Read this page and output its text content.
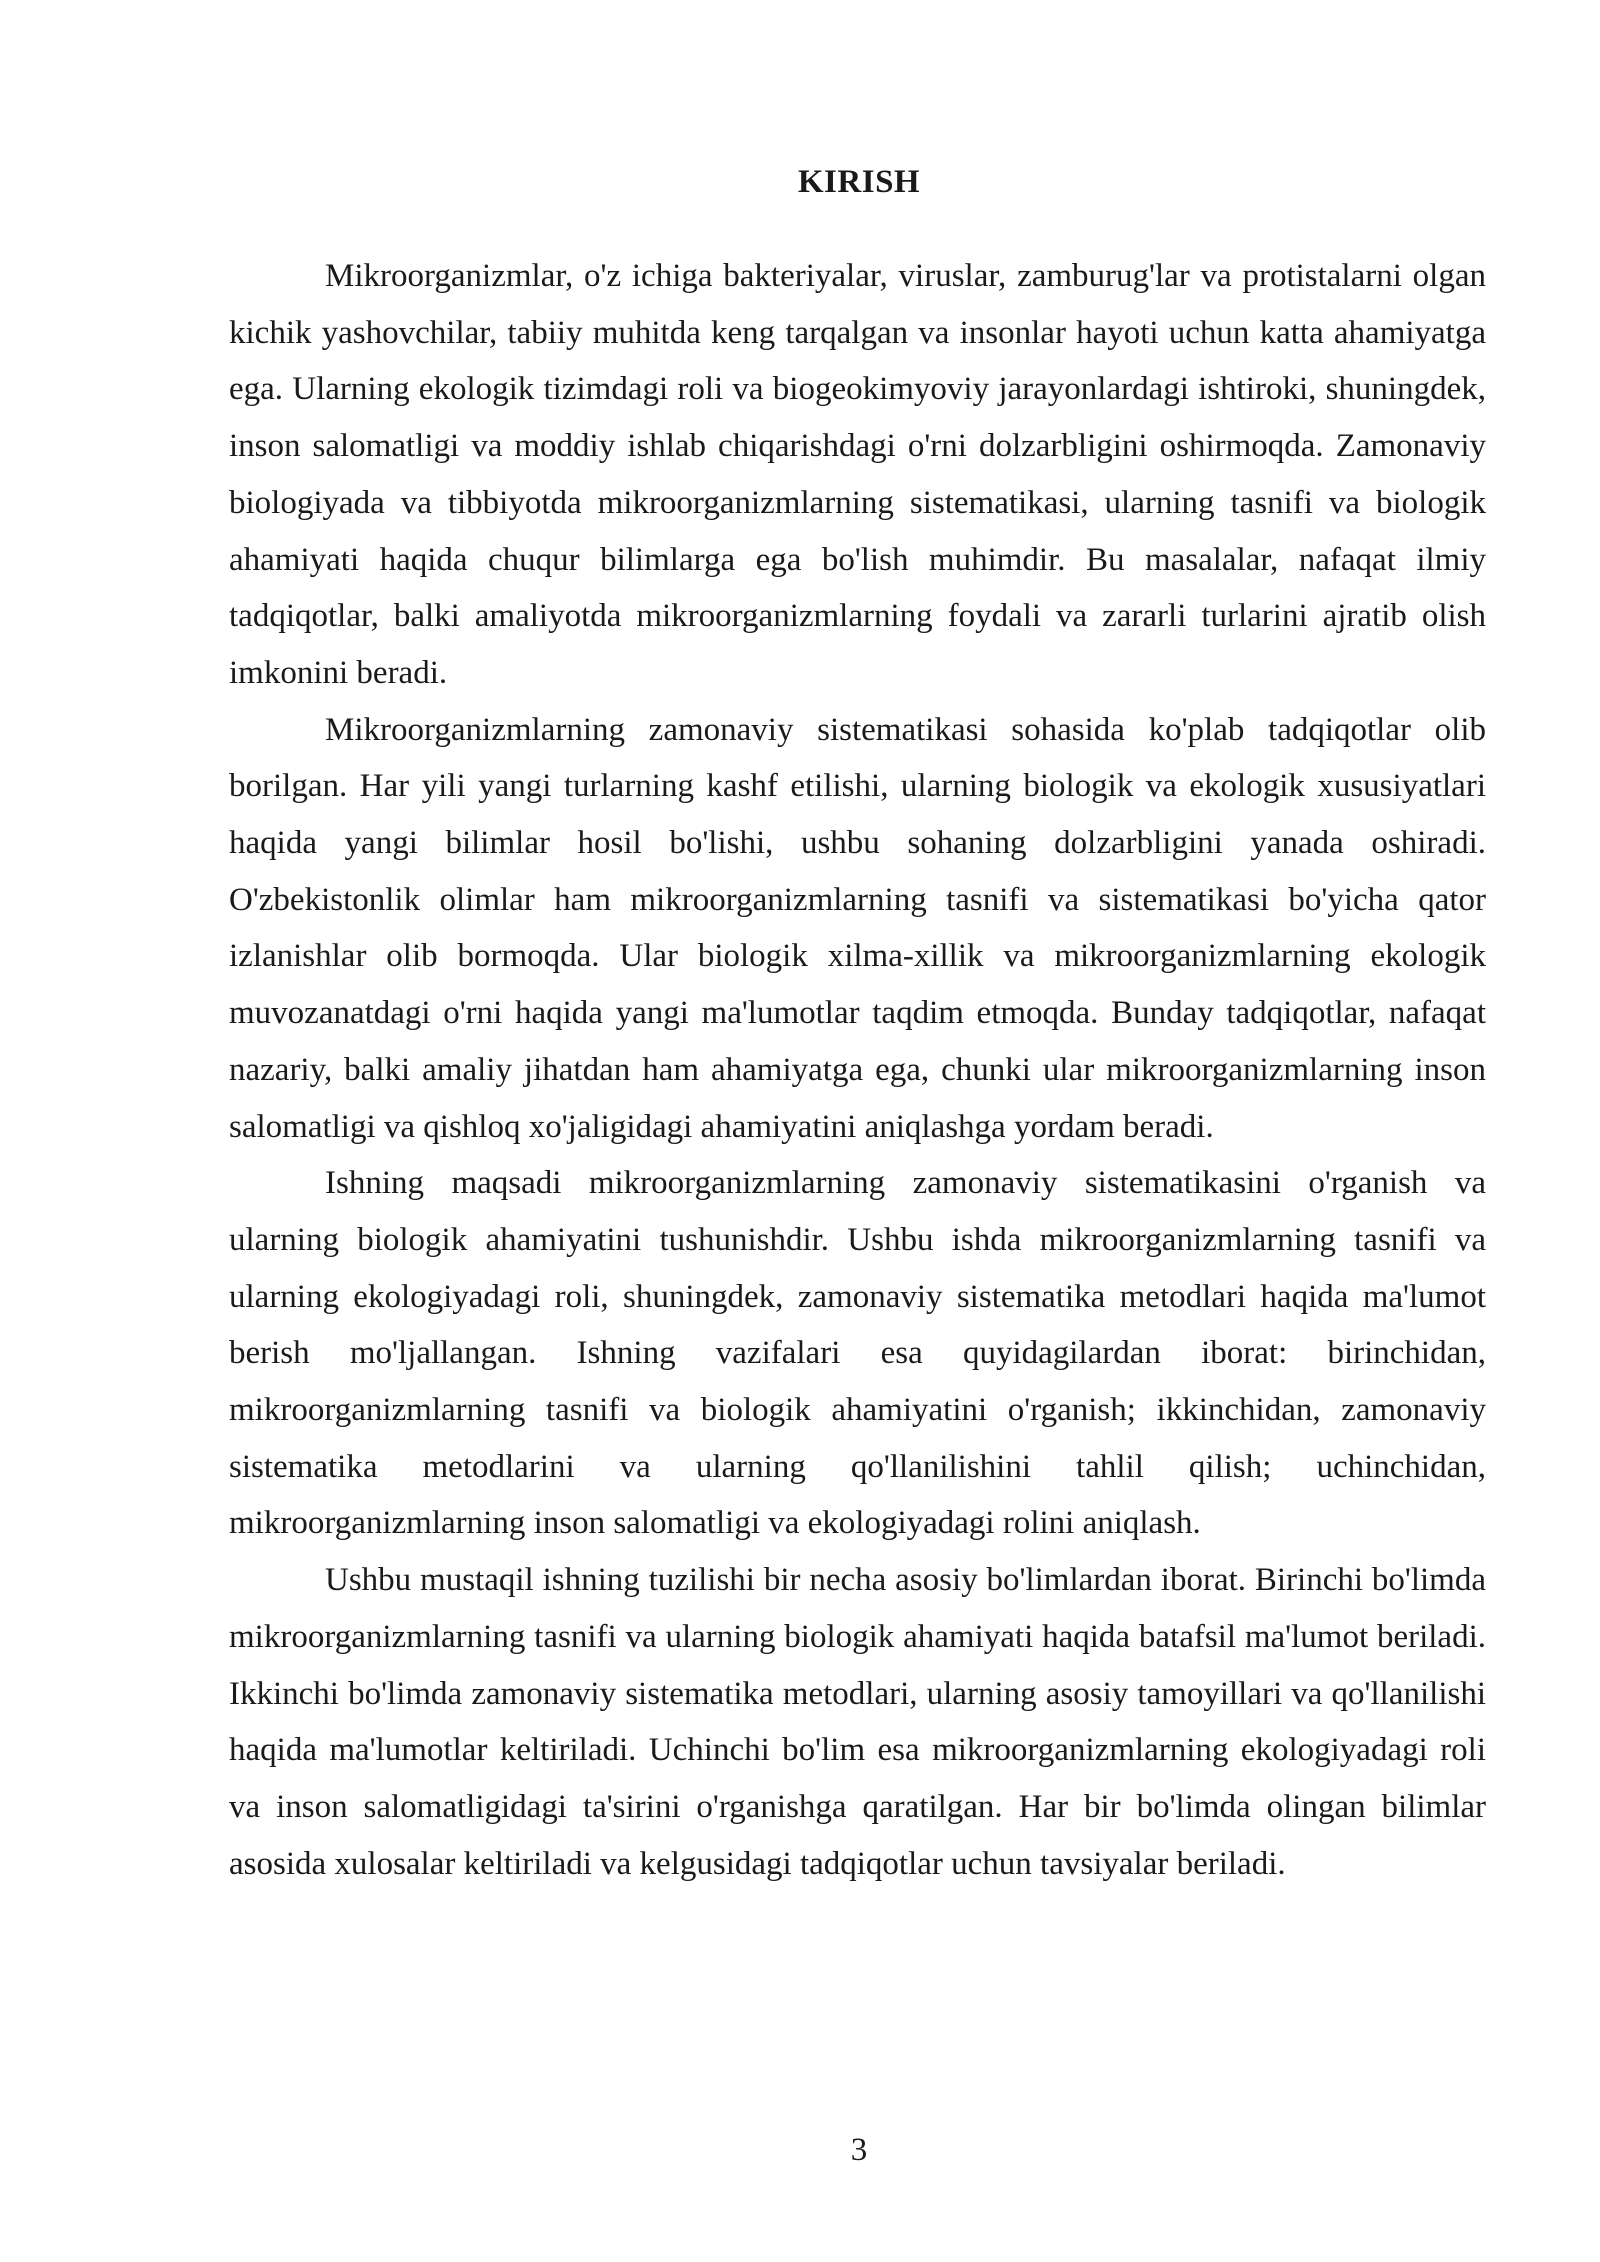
KIRISH

Mikroorganizmlar, o'z ichiga bakteriyalar, viruslar, zamburug'lar va protistalarni olgan kichik yashovchilar, tabiiy muhitda keng tarqalgan va insonlar hayoti uchun katta ahamiyatga ega. Ularning ekologik tizimdagi roli va biogeokimyoviy jarayonlardagi ishtiroki, shuningdek, inson salomatligi va moddiy ishlab chiqarishdagi o'rni dolzarbligini oshirmoqda. Zamonaviy biologiyada va tibbiyotda mikroorganizmlarning sistematikasi, ularning tasnifi va biologik ahamiyati haqida chuqur bilimlarga ega bo'lish muhimdir. Bu masalalar, nafaqat ilmiy tadqiqotlar, balki amaliyotda mikroorganizmlarning foydali va zararli turlarini ajratib olish imkonini beradi.

Mikroorganizmlarning zamonaviy sistematikasi sohasida ko'plab tadqiqotlar olib borilgan. Har yili yangi turlarning kashf etilishi, ularning biologik va ekologik xususiyatlari haqida yangi bilimlar hosil bo'lishi, ushbu sohaning dolzarbligini yanada oshiradi. O'zbekistonlik olimlar ham mikroorganizmlarning tasnifi va sistematikasi bo'yicha qator izlanishlar olib bormoqda. Ular biologik xilma-xillik va mikroorganizmlarning ekologik muvozanatdagi o'rni haqida yangi ma'lumotlar taqdim etmoqda. Bunday tadqiqotlar, nafaqat nazariy, balki amaliy jihatdan ham ahamiyatga ega, chunki ular mikroorganizmlarning inson salomatligi va qishloq xo'jaligidagi ahamiyatini aniqlashga yordam beradi.

Ishning maqsadi mikroorganizmlarning zamonaviy sistematikasini o'rganish va ularning biologik ahamiyatini tushunishdir. Ushbu ishda mikroorganizmlarning tasnifi va ularning ekologiyadagi roli, shuningdek, zamonaviy sistematika metodlari haqida ma'lumot berish mo'ljallangan. Ishning vazifalari esa quyidagilardan iborat: birinchidan, mikroorganizmlarning tasnifi va biologik ahamiyatini o'rganish; ikkinchidan, zamonaviy sistematika metodlarini va ularning qo'llanilishini tahlil qilish; uchinchidan, mikroorganizmlarning inson salomatligi va ekologiyadagi rolini aniqlash.

Ushbu mustaqil ishning tuzilishi bir necha asosiy bo'limlardan iborat. Birinchi bo'limda mikroorganizmlarning tasnifi va ularning biologik ahamiyati haqida batafsil ma'lumot beriladi. Ikkinchi bo'limda zamonaviy sistematika metodlari, ularning asosiy tamoyillari va qo'llanilishi haqida ma'lumotlar keltiriladi. Uchinchi bo'lim esa mikroorganizmlarning ekologiyadagi roli va inson salomatligidagi ta'sirini o'rganishga qaratilgan. Har bir bo'limda olingan bilimlar asosida xulosalar keltiriladi va kelgusidagi tadqiqotlar uchun tavsiyalar beriladi.

3
